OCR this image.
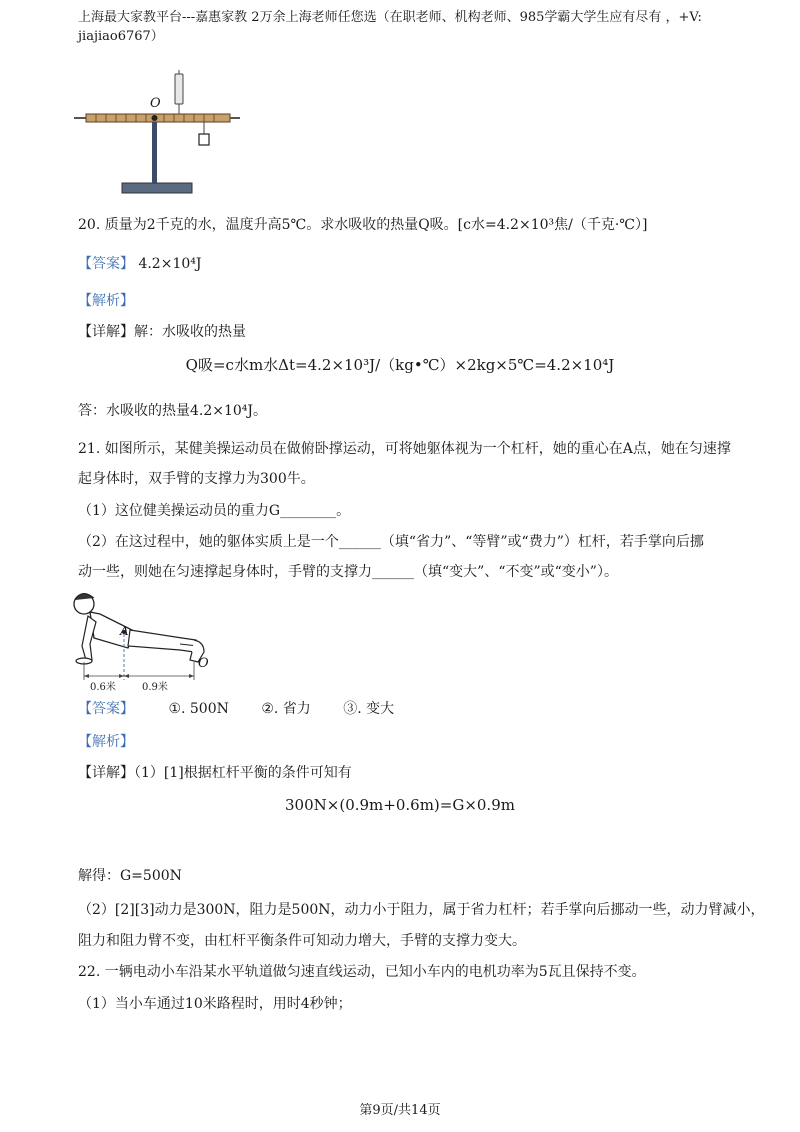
上海最大家教平台---嘉惠家教 2万余上海老师任您选（在职老师、机构老师、985学霸大学生应有尽有 ，+V:
jiajiao6767）
O
20. 质量为2千克的水，温度升高5℃。求水吸收的热量Q吸。[c水=4.2×10³焦/（千克·℃）]
【答案】 4.2×10⁴J
【解析】
【详解】解：水吸收的热量
Q吸=c水m水Δt=4.2×10³J/（kg•℃）×2kg×5℃=4.2×10⁴J
答：水吸收的热量4.2×10⁴J。
21. 如图所示，某健美操运动员在做俯卧撑运动，可将她躯体视为一个杠杆，她的重心在A点，她在匀速撑
起身体时，双手臂的支撑力为300牛。
（1）这位健美操运动员的重力G________。
（2）在这过程中，她的躯体实质上是一个______（填“省力”、“等臂”或“费力”）杠杆，若手掌向后挪
动一些，则她在匀速撑起身体时，手臂的支撑力______（填“变大”、“不变”或“变小”）。
A
O
0.6米	0.9米
【答案】 ①. 500N ②. 省力 ③. 变大
【解析】
【详解】（1）[1]根据杠杆平衡的条件可知有
300N×(0.9m+0.6m)=G×0.9m
解得：G=500N
（2）[2][3]动力是300N，阻力是500N，动力小于阻力，属于省力杠杆；若手掌向后挪动一些，动力臂减小，
阻力和阻力臂不变，由杠杆平衡条件可知动力增大，手臂的支撑力变大。
22. 一辆电动小车沿某水平轨道做匀速直线运动，已知小车内的电机功率为5瓦且保持不变。
（1）当小车通过10米路程时，用时4秒钟；
第9页/共14页
